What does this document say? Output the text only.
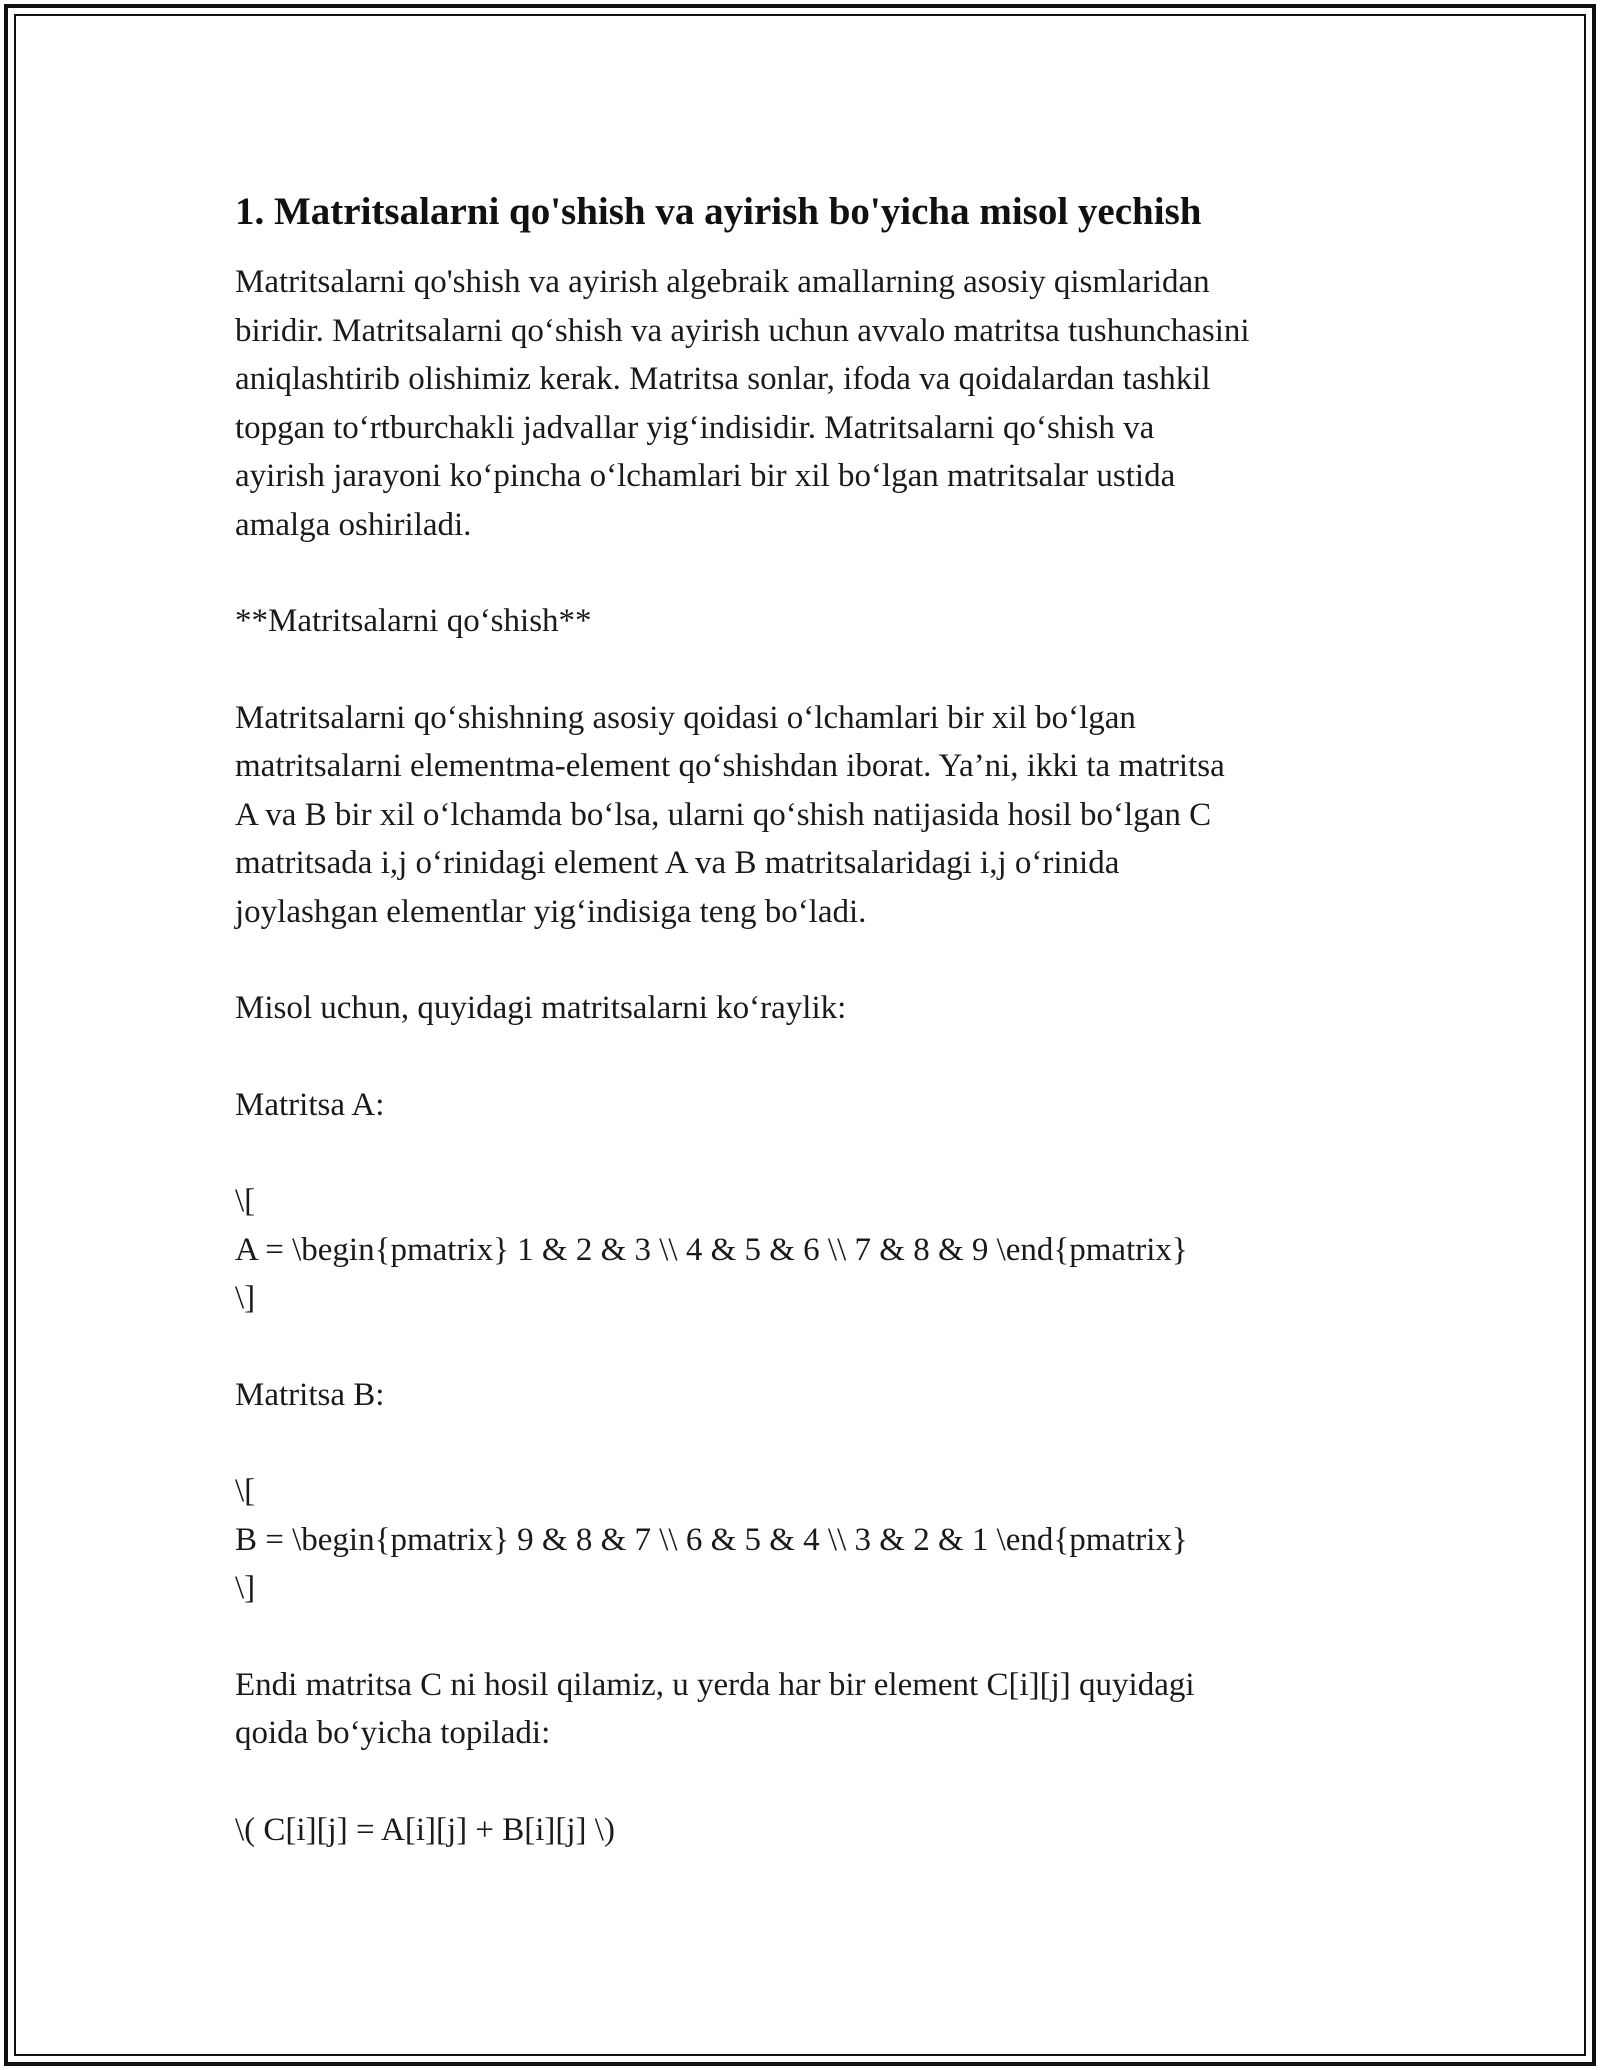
1. Matritsalarni qo'shish va ayirish bo'yicha misol yechish

Matritsalarni qo'shish va ayirish algebraik amallarning asosiy qismlaridan
biridir. Matritsalarni qo‘shish va ayirish uchun avvalo matritsa tushunchasini
aniqlashtirib olishimiz kerak. Matritsa sonlar, ifoda va qoidalardan tashkil
topgan to‘rtburchakli jadvallar yig‘indisidir. Matritsalarni qo‘shish va
ayirish jarayoni ko‘pincha o‘lchamlari bir xil bo‘lgan matritsalar ustida
amalga oshiriladi.

**Matritsalarni qo‘shish**

Matritsalarni qo‘shishning asosiy qoidasi o‘lchamlari bir xil bo‘lgan
matritsalarni elementma-element qo‘shishdan iborat. Ya’ni, ikki ta matritsa
A va B bir xil o‘lchamda bo‘lsa, ularni qo‘shish natijasida hosil bo‘lgan C
matritsada i,j o‘rinidagi element A va B matritsalaridagi i,j o‘rinida
joylashgan elementlar yig‘indisiga teng bo‘ladi.

Misol uchun, quyidagi matritsalarni ko‘raylik:

Matritsa A:

\[
A = \begin{pmatrix} 1 & 2 & 3 \\ 4 & 5 & 6 \\ 7 & 8 & 9 \end{pmatrix}
\]

Matritsa B:

\[
B = \begin{pmatrix} 9 & 8 & 7 \\ 6 & 5 & 4 \\ 3 & 2 & 1 \end{pmatrix}
\]

Endi matritsa C ni hosil qilamiz, u yerda har bir element C[i][j] quyidagi
qoida bo‘yicha topiladi:

\( C[i][j] = A[i][j] + B[i][j] \)
